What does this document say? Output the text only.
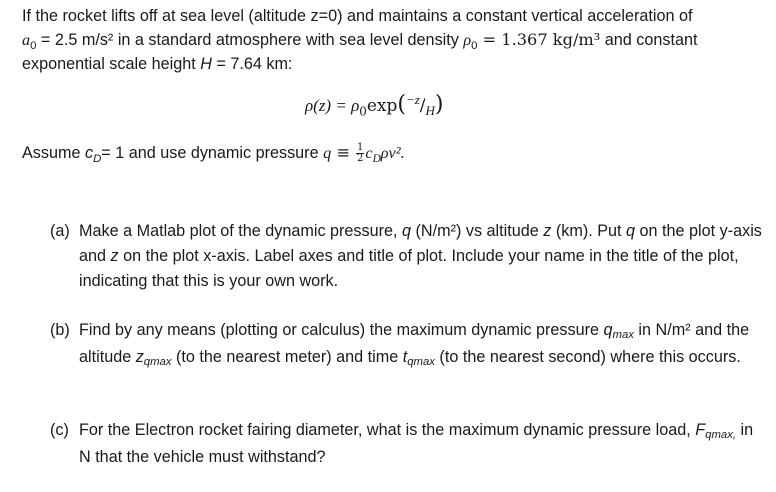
If the rocket lifts off at sea level (altitude z=0) and maintains a constant vertical acceleration of
$a_0 = 2.5$ m/s² in a standard atmosphere with sea level density $\rho_0 = 1.367$ kg/m³ and constant
exponential scale height H = 7.64 km:
$\rho(z) = \rho_0\exp(^{-z}/_H)$
Assume $c_D= 1$ and use dynamic pressure $q \equiv \frac{1}{2} c_D\rho v^2$.
(a) Make a Matlab plot of the dynamic pressure, q (N/m²) vs altitude z (km). Put q on the plot y-axis and z on the plot x-axis. Label axes and title of plot. Include your name in the title of the plot, indicating that this is your own work.
(b) Find by any means (plotting or calculus) the maximum dynamic pressure qmax in N/m² and the altitude zqmax (to the nearest meter) and time tqmax (to the nearest second) where this occurs.
(c) For the Electron rocket fairing diameter, what is the maximum dynamic pressure load, Fqmax, in N that the vehicle must withstand?
